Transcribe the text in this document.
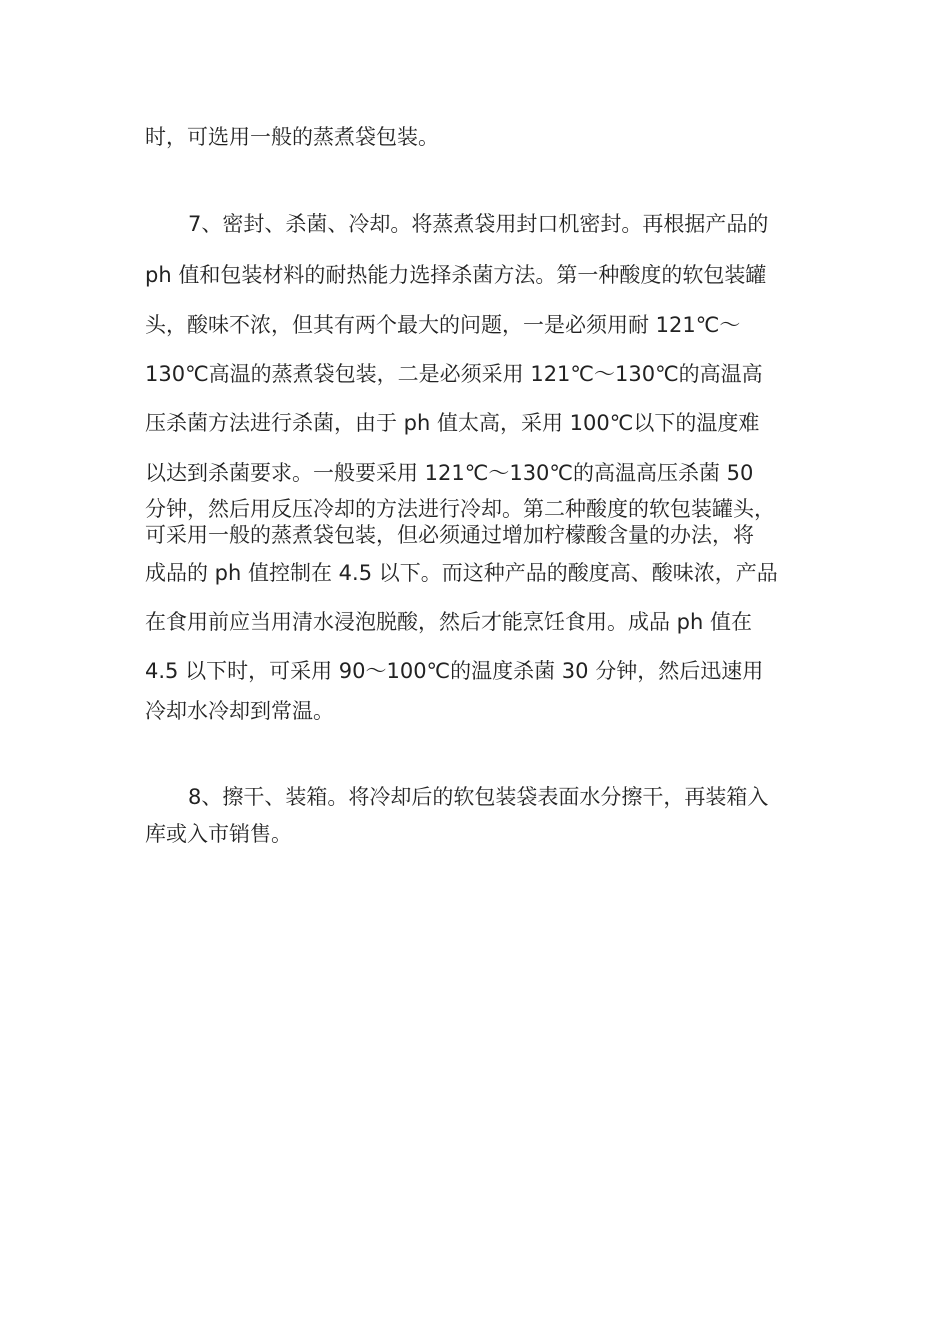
时，可选用一般的蒸煮袋包装。
7、密封、杀菌、冷却。将蒸煮袋用封口机密封。再根据产品的
ph 值和包装材料的耐热能力选择杀菌方法。第一种酸度的软包装罐
头，酸味不浓，但其有两个最大的问题，一是必须用耐 121℃～
130℃高温的蒸煮袋包装，二是必须采用 121℃～130℃的高温高
压杀菌方法进行杀菌，由于 ph 值太高，采用 100℃以下的温度难
以达到杀菌要求。一般要采用 121℃～130℃的高温高压杀菌 50
分钟，然后用反压冷却的方法进行冷却。第二种酸度的软包装罐头，
可采用一般的蒸煮袋包装，但必须通过增加柠檬酸含量的办法，将
成品的 ph 值控制在 4.5 以下。而这种产品的酸度高、酸味浓，产品
在食用前应当用清水浸泡脱酸，然后才能烹饪食用。成品 ph 值在
4.5 以下时，可采用 90～100℃的温度杀菌 30 分钟，然后迅速用
冷却水冷却到常温。
8、擦干、装箱。将冷却后的软包装袋表面水分擦干，再装箱入
库或入市销售。
